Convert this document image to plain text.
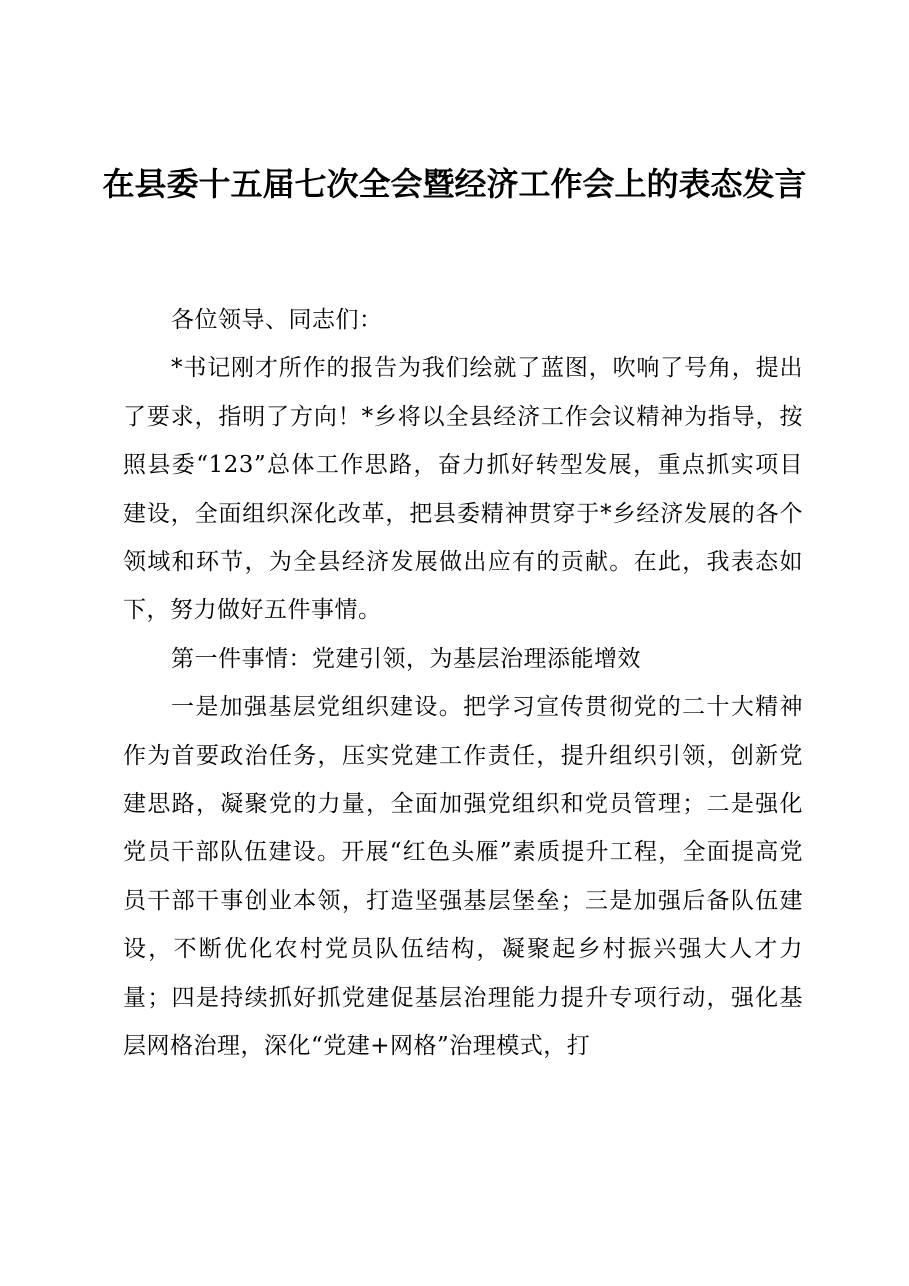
在县委十五届七次全会暨经济工作会上的表态发言

各位领导、同志们：

*书记刚才所作的报告为我们绘就了蓝图，吹响了号角，提出了要求，指明了方向！*乡将以全县经济工作会议精神为指导，按照县委“123”总体工作思路，奋力抓好转型发展，重点抓实项目建设，全面组织深化改革，把县委精神贯穿于*乡经济发展的各个领域和环节，为全县经济发展做出应有的贡献。在此，我表态如下，努力做好五件事情。

第一件事情：党建引领，为基层治理添能增效

一是加强基层党组织建设。把学习宣传贯彻党的二十大精神作为首要政治任务，压实党建工作责任，提升组织引领，创新党建思路，凝聚党的力量，全面加强党组织和党员管理；二是强化党员干部队伍建设。开展“红色头雁”素质提升工程，全面提高党员干部干事创业本领，打造坚强基层堡垒；三是加强后备队伍建设，不断优化农村党员队伍结构，凝聚起乡村振兴强大人才力量；四是持续抓好抓党建促基层治理能力提升专项行动，强化基层网格治理，深化“党建+网格”治理模式，打
